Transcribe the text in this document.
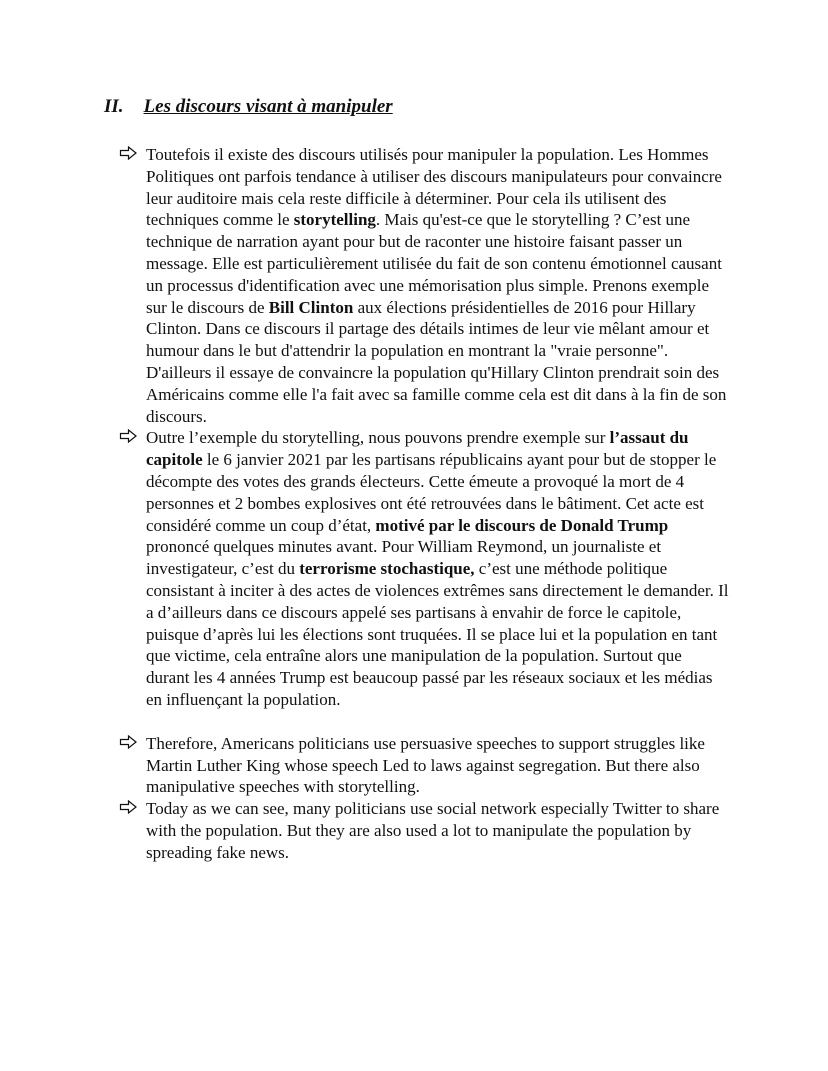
II. Les discours visant à manipuler

Toutefois il existe des discours utilisés pour manipuler la population. Les Hommes Politiques ont parfois tendance à utiliser des discours manipulateurs pour convaincre leur auditoire mais cela reste difficile à déterminer. Pour cela ils utilisent des techniques comme le storytelling. Mais qu'est-ce que le storytelling ? C’est une technique de narration ayant pour but de raconter une histoire faisant passer un message. Elle est particulièrement utilisée du fait de son contenu émotionnel causant un processus d'identification avec une mémorisation plus simple. Prenons exemple sur le discours de Bill Clinton aux élections présidentielles de 2016 pour Hillary Clinton. Dans ce discours il partage des détails intimes de leur vie mêlant amour et humour dans le but d'attendrir la population en montrant la "vraie personne". D'ailleurs il essaye de convaincre la population qu'Hillary Clinton prendrait soin des Américains comme elle l'a fait avec sa famille comme cela est dit dans à la fin de son discours.

Outre l’exemple du storytelling, nous pouvons prendre exemple sur l’assaut du capitole le 6 janvier 2021 par les partisans républicains ayant pour but de stopper le décompte des votes des grands électeurs. Cette émeute a provoqué la mort de 4 personnes et 2 bombes explosives ont été retrouvées dans le bâtiment. Cet acte est considéré comme un coup d’état, motivé par le discours de Donald Trump prononcé quelques minutes avant. Pour William Reymond, un journaliste et investigateur, c’est du terrorisme stochastique, c’est une méthode politique consistant à inciter à des actes de violences extrêmes sans directement le demander. Il a d’ailleurs dans ce discours appelé ses partisans à envahir de force le capitole, puisque d’après lui les élections sont truquées. Il se place lui et la population en tant que victime, cela entraîne alors une manipulation de la population. Surtout que durant les 4 années Trump est beaucoup passé par les réseaux sociaux et les médias en influençant la population.

Therefore, Americans politicians use persuasive speeches to support struggles like Martin Luther King whose speech Led to laws against segregation. But there also manipulative speeches with storytelling.

Today as we can see, many politicians use social network especially Twitter to share with the population. But they are also used a lot to manipulate the population by spreading fake news.
